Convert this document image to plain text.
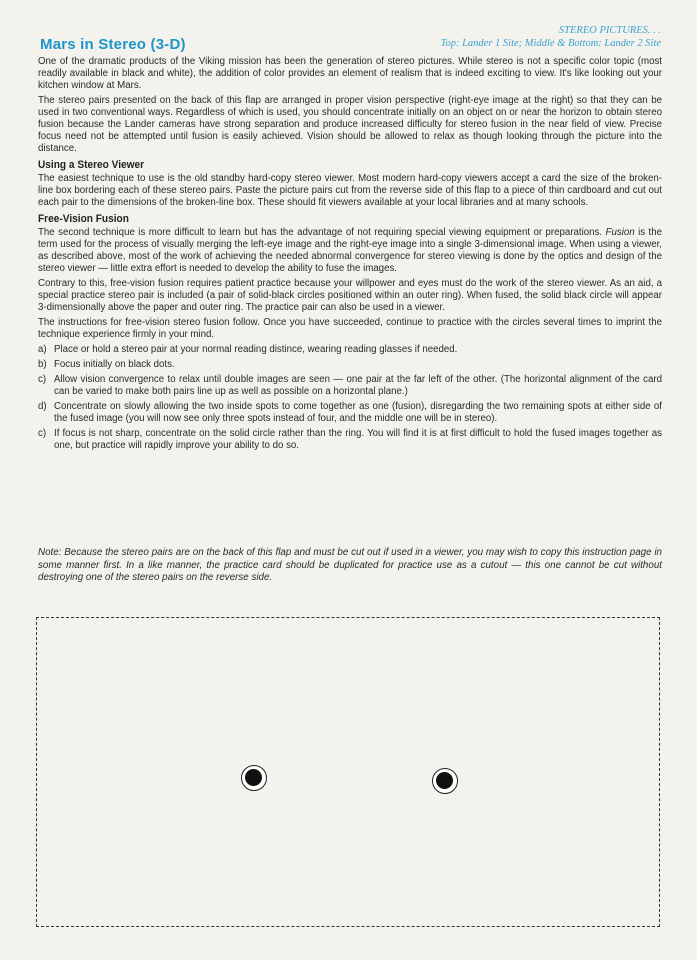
Mars in Stereo (3-D)
STEREO PICTURES. . .
Top: Lander 1 Site; Middle & Bottom: Lander 2 Site

One of the dramatic products of the Viking mission has been the generation of stereo pictures. While stereo is not a specific color topic (most readily available in black and white), the addition of color provides an element of realism that is indeed exciting to view. It's like looking out your kitchen window at Mars.

The stereo pairs presented on the back of this flap are arranged in proper vision perspective (right-eye image at the right) so that they can be used in two conventional ways. Regardless of which is used, you should concentrate initially on an object on or near the horizon to obtain stereo fusion because the Lander cameras have strong separation and produce increased difficulty for stereo fusion in the near field of view. Precise focus need not be attempted until fusion is easily achieved. Vision should be allowed to relax as though looking through the picture into the distance.

Using a Stereo Viewer

The easiest technique to use is the old standby hard-copy stereo viewer. Most modern hard-copy viewers accept a card the size of the broken-line box bordering each of these stereo pairs. Paste the picture pairs cut from the reverse side of this flap to a piece of thin cardboard and cut out each pair to the dimensions of the broken-line box. These should fit viewers available at your local libraries and at many schools.

Free-Vision Fusion

The second technique is more difficult to learn but has the advantage of not requiring special viewing equipment or preparations. Fusion is the term used for the process of visually merging the left-eye image and the right-eye image into a single 3-dimensional image. When using a viewer, as described above, most of the work of achieving the needed abnormal convergence for stereo viewing is done by the optics and design of the stereo viewer — little extra effort is needed to develop the ability to fuse the images.

Contrary to this, free-vision fusion requires patient practice because your willpower and eyes must do the work of the stereo viewer. As an aid, a special practice stereo pair is included (a pair of solid-black circles positioned within an outer ring). When fused, the solid black circle will appear 3-dimensionally above the paper and outer ring. The practice pair can also be used in a viewer.

The instructions for free-vision stereo fusion follow. Once you have succeeded, continue to practice with the circles several times to imprint the technique experience firmly in your mind.

a) Place or hold a stereo pair at your normal reading distince, wearing reading glasses if needed.
b) Focus initially on black dots.
c) Allow vision convergence to relax until double images are seen — one pair at the far left of the other. (The horizontal alignment of the card can be varied to make both pairs line up as well as possible on a horizontal plane.)
d) Concentrate on slowly allowing the two inside spots to come together as one (fusion), disregarding the two remaining spots at either side of the fused image (you will now see only three spots instead of four, and the middle one will be in stereo).
c) If focus is not sharp, concentrate on the solid circle rather than the ring. You will find it is at first difficult to hold the fused images together as one, but practice will rapidly improve your ability to do so.
Note: Because the stereo pairs are on the back of this flap and must be cut out if used in a viewer, you may wish to copy this instruction page in some manner first. In a like manner, the practice card should be duplicated for practice use as a cutout — this one cannot be cut without destroying one of the stereo pairs on the reverse side.
